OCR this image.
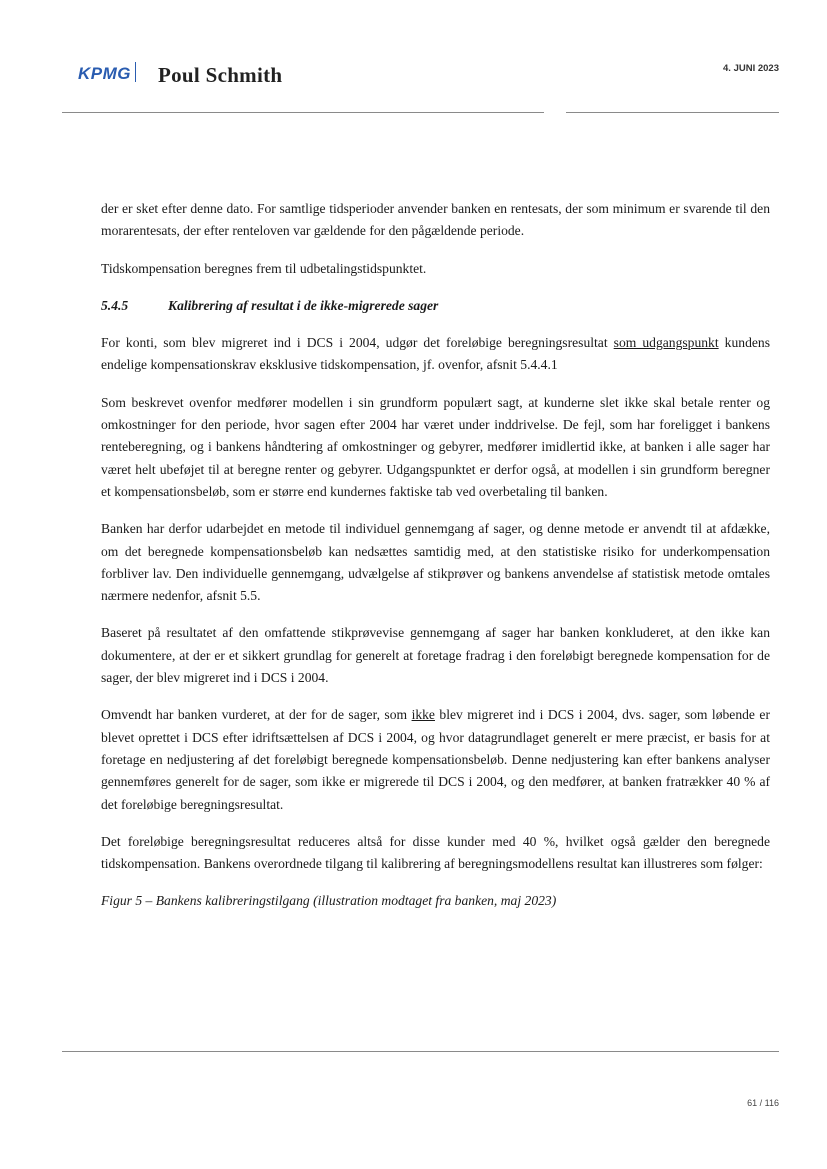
KPMG Poul Schmith	4. JUNI 2023

der er sket efter denne dato. For samtlige tidsperioder anvender banken en rentesats, der som minimum er svarende til den morarentesats, der efter renteloven var gældende for den pågældende periode.

Tidskompensation beregnes frem til udbetalingstidspunktet.

5.4.5	Kalibrering af resultat i de ikke-migrerede sager

For konti, som blev migreret ind i DCS i 2004, udgør det foreløbige beregningsresultat som udgangspunkt kundens endelige kompensationskrav eksklusive tidskompensation, jf. ovenfor, afsnit 5.4.4.1

Som beskrevet ovenfor medfører modellen i sin grundform populært sagt, at kunderne slet ikke skal betale renter og omkostninger for den periode, hvor sagen efter 2004 har været under inddrivelse. De fejl, som har foreligget i bankens renteberegning, og i bankens håndtering af omkostninger og gebyrer, medfører imidlertid ikke, at banken i alle sager har været helt ubeføjet til at beregne renter og gebyrer. Udgangspunktet er derfor også, at modellen i sin grundform beregner et kompensationsbeløb, som er større end kundernes faktiske tab ved overbetaling til banken.

Banken har derfor udarbejdet en metode til individuel gennemgang af sager, og denne metode er anvendt til at afdække, om det beregnede kompensationsbeløb kan nedsættes samtidig med, at den statistiske risiko for underkompensation forbliver lav. Den individuelle gennemgang, udvælgelse af stikprøver og bankens anvendelse af statistisk metode omtales nærmere nedenfor, afsnit 5.5.

Baseret på resultatet af den omfattende stikprøvevise gennemgang af sager har banken konkluderet, at den ikke kan dokumentere, at der er et sikkert grundlag for generelt at foretage fradrag i den foreløbigt beregnede kompensation for de sager, der blev migreret ind i DCS i 2004.

Omvendt har banken vurderet, at der for de sager, som ikke blev migreret ind i DCS i 2004, dvs. sager, som løbende er blevet oprettet i DCS efter idriftsættelsen af DCS i 2004, og hvor datagrundlaget generelt er mere præcist, er basis for at foretage en nedjustering af det foreløbigt beregnede kompensationsbeløb. Denne nedjustering kan efter bankens analyser gennemføres generelt for de sager, som ikke er migrerede til DCS i 2004, og den medfører, at banken fratrækker 40 % af det foreløbige beregningsresultat.

Det foreløbige beregningsresultat reduceres altså for disse kunder med 40 %, hvilket også gælder den beregnede tidskompensation. Bankens overordnede tilgang til kalibrering af beregningsmodellens resultat kan illustreres som følger:

Figur 5 – Bankens kalibreringstilgang (illustration modtaget fra banken, maj 2023)
61 / 116
